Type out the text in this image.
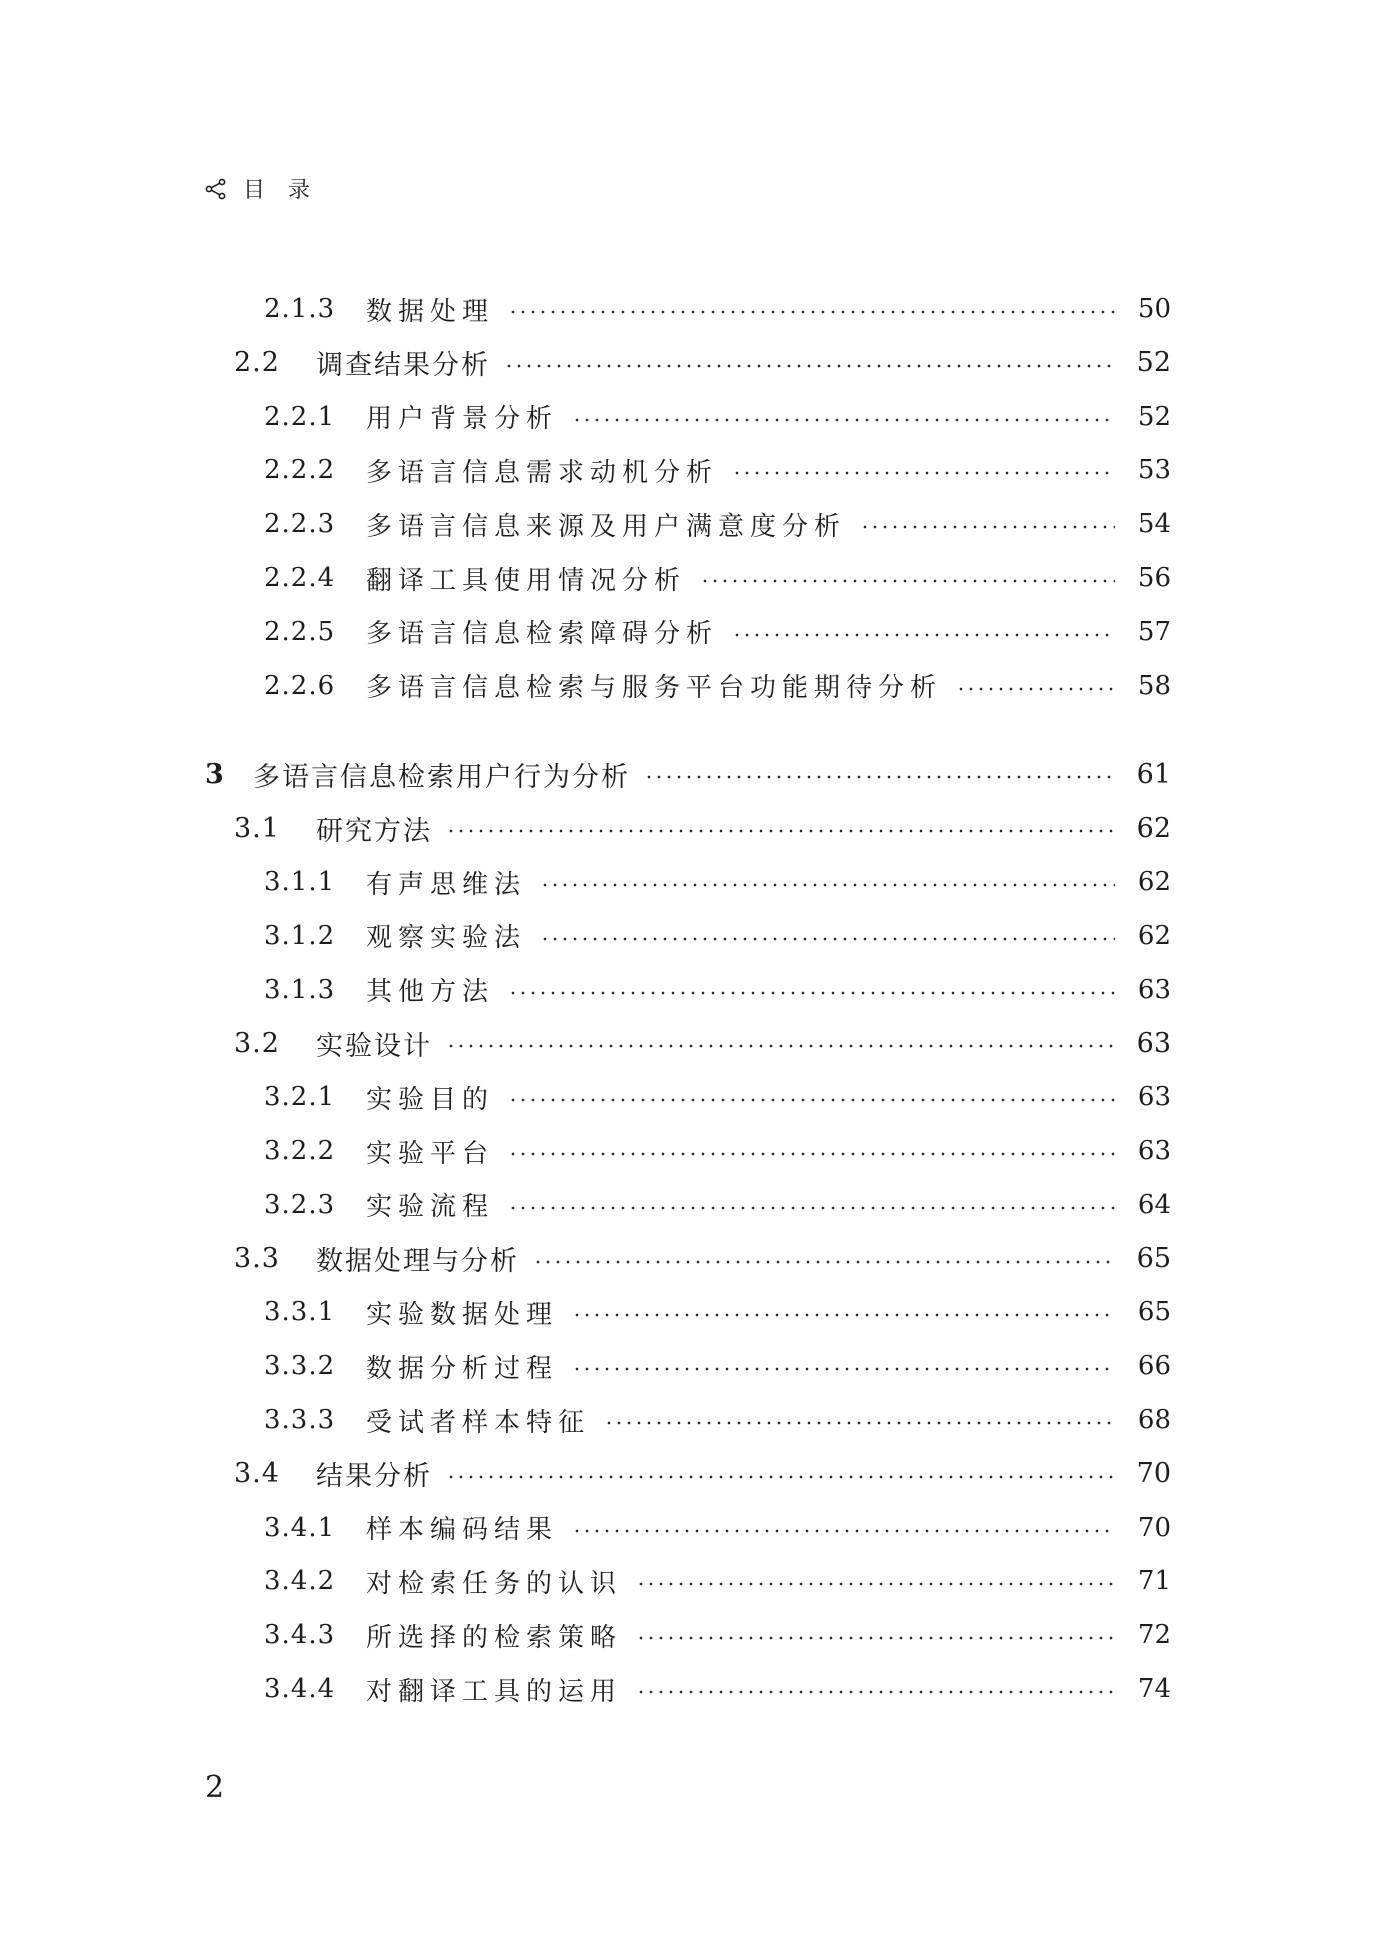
目 录
2.1.3	数据处理	50
2.2	调查结果分析	52
2.2.1	用户背景分析	52
2.2.2	多语言信息需求动机分析	53
2.2.3	多语言信息来源及用户满意度分析	54
2.2.4	翻译工具使用情况分析	56
2.2.5	多语言信息检索障碍分析	57
2.2.6	多语言信息检索与服务平台功能期待分析	58
3	多语言信息检索用户行为分析	61
3.1	研究方法	62
3.1.1	有声思维法	62
3.1.2	观察实验法	62
3.1.3	其他方法	63
3.2	实验设计	63
3.2.1	实验目的	63
3.2.2	实验平台	63
3.2.3	实验流程	64
3.3	数据处理与分析	65
3.3.1	实验数据处理	65
3.3.2	数据分析过程	66
3.3.3	受试者样本特征	68
3.4	结果分析	70
3.4.1	样本编码结果	70
3.4.2	对检索任务的认识	71
3.4.3	所选择的检索策略	72
3.4.4	对翻译工具的运用	74
2
